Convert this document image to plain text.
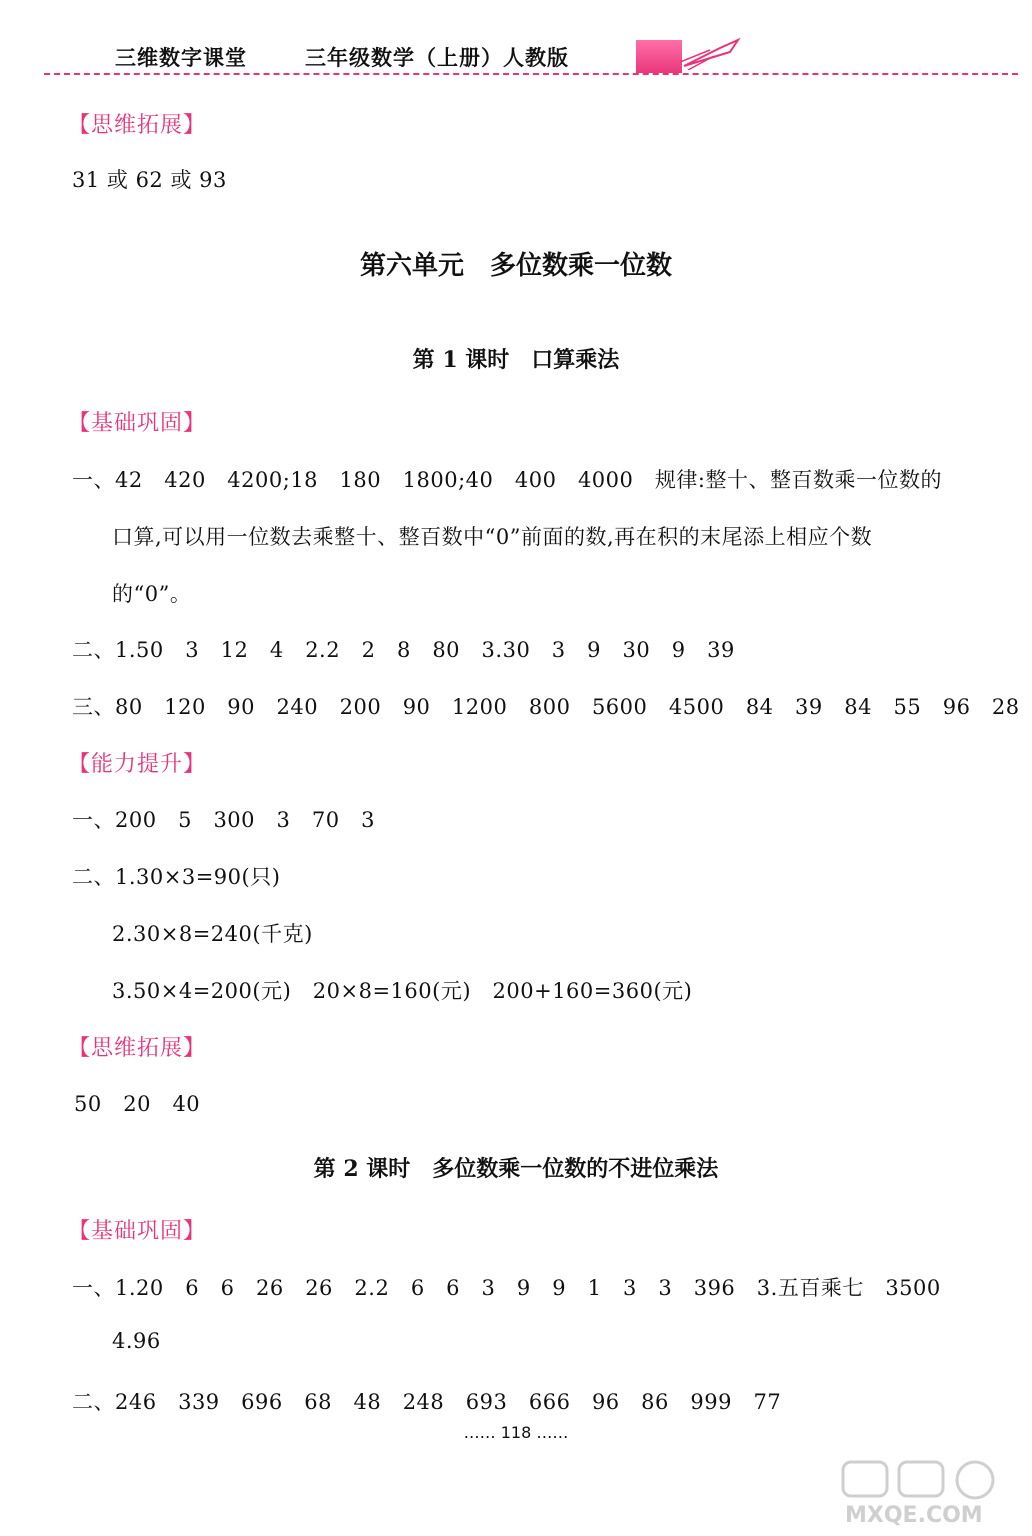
三维数字课堂	三年级数学（上册）人教版
【思维拓展】
31 或 62 或 93
第六单元　多位数乘一位数
第 1 课时　口算乘法
【基础巩固】
一、42　420　4200;18　180　1800;40　400　4000　规律:整十、整百数乘一位数的
口算,可以用一位数去乘整十、整百数中“0”前面的数,再在积的末尾添上相应个数
的“0”。
二、1.50　3　12　4　2.2　2　8　80　3.30　3　9　30　9　39
三、80　120　90　240　200　90　1200　800　5600　4500　84　39　84　55　96　28
【能力提升】
一、200　5　300　3　70　3
二、1.30×3=90(只)
2.30×8=240(千克)
3.50×4=200(元)　20×8=160(元)　200+160=360(元)
【思维拓展】
50　20　40
第 2 课时　多位数乘一位数的不进位乘法
【基础巩固】
一、1.20　6　6　26　26　2.2　6　6　3　9　9　1　3　3　396　3.五百乘七　3500
4.96
二、246　339　696　68　48　248　693　666　96　86　999　77
…… 118 ……
MXQE.COM
